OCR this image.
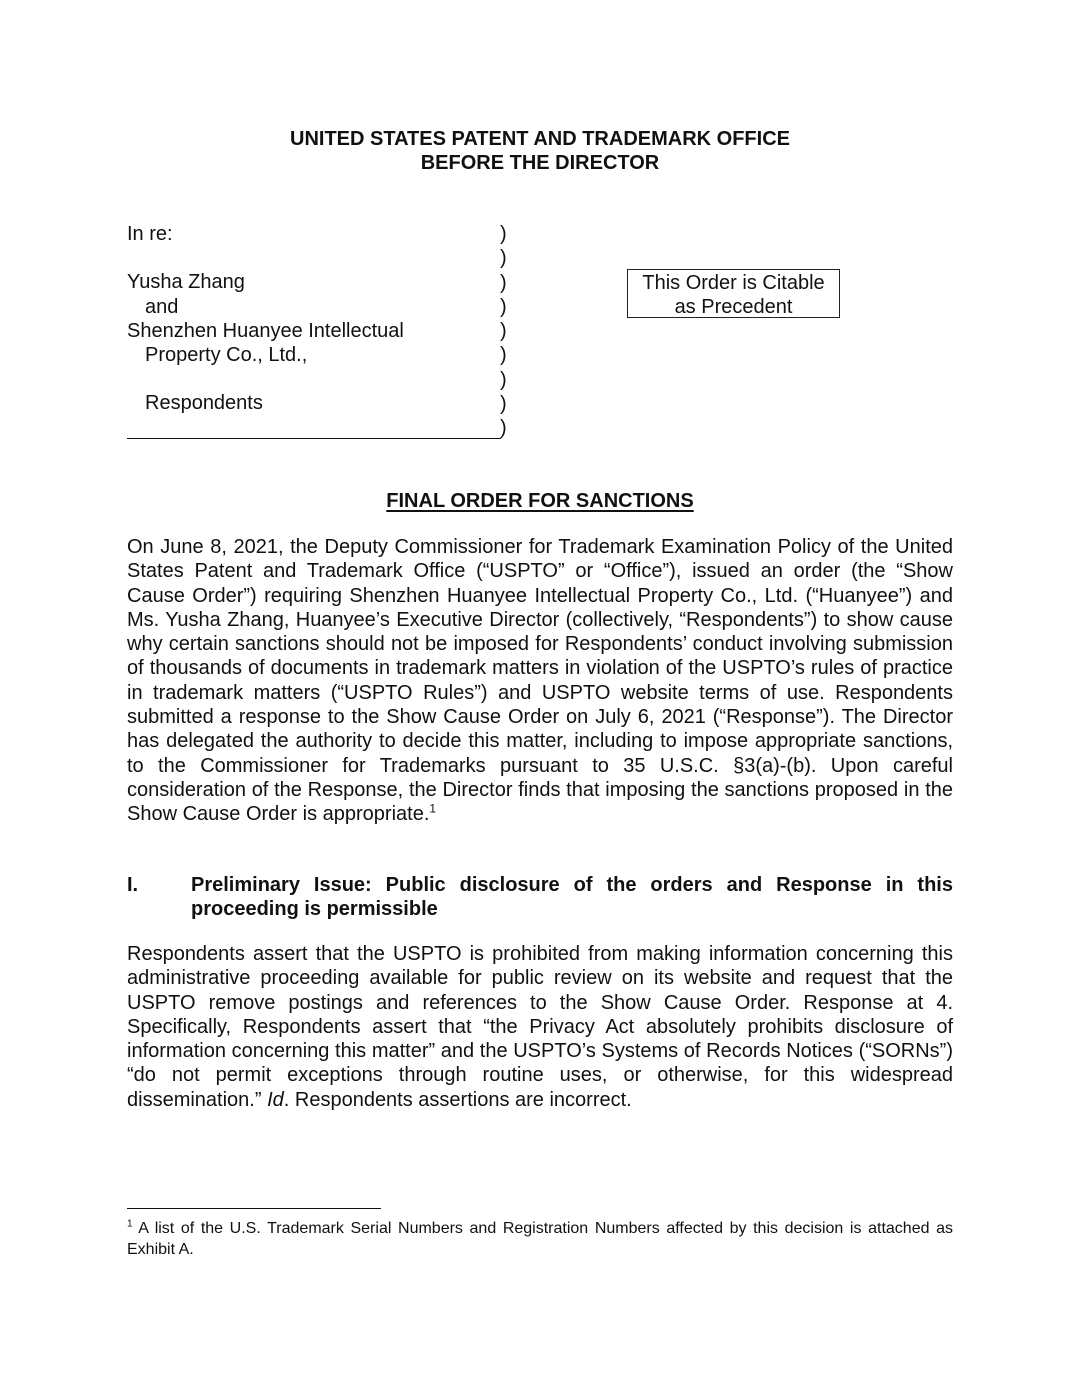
UNITED STATES PATENT AND TRADEMARK OFFICE
BEFORE THE DIRECTOR
In re:
Yusha Zhang
and
Shenzhen Huanyee Intellectual
Property Co., Ltd.,
Respondents
)
)
)
)
)
)
)
)
)
This Order is Citable
as Precedent
FINAL ORDER FOR SANCTIONS

On June 8, 2021, the Deputy Commissioner for Trademark Examination Policy of the United States Patent and Trademark Office (“USPTO” or “Office”), issued an order (the “Show Cause Order”) requiring Shenzhen Huanyee Intellectual Property Co., Ltd. (“Huanyee”) and Ms. Yusha Zhang, Huanyee’s Executive Director (collectively, “Respondents”) to show cause why certain sanctions should not be imposed for Respondents’ conduct involving submission of thousands of documents in trademark matters in violation of the USPTO’s rules of practice in trademark matters (“USPTO Rules”) and USPTO website terms of use. Respondents submitted a response to the Show Cause Order on July 6, 2021 (“Response”). The Director has delegated the authority to decide this matter, including to impose appropriate sanctions, to the Commissioner for Trademarks pursuant to 35 U.S.C. §3(a)-(b). Upon careful consideration of the Response, the Director finds that imposing the sanctions proposed in the Show Cause Order is appropriate.$^1$

I.	Preliminary Issue: Public disclosure of the orders and Response in this proceeding is permissible

Respondents assert that the USPTO is prohibited from making information concerning this administrative proceeding available for public review on its website and request that the USPTO remove postings and references to the Show Cause Order. Response at 4. Specifically, Respondents assert that “the Privacy Act absolutely prohibits disclosure of information concerning this matter” and the USPTO’s Systems of Records Notices (“SORNs”) “do not permit exceptions through routine uses, or otherwise, for this widespread dissemination.” Id. Respondents assertions are incorrect.

$^1$ A list of the U.S. Trademark Serial Numbers and Registration Numbers affected by this decision is attached as Exhibit A.
